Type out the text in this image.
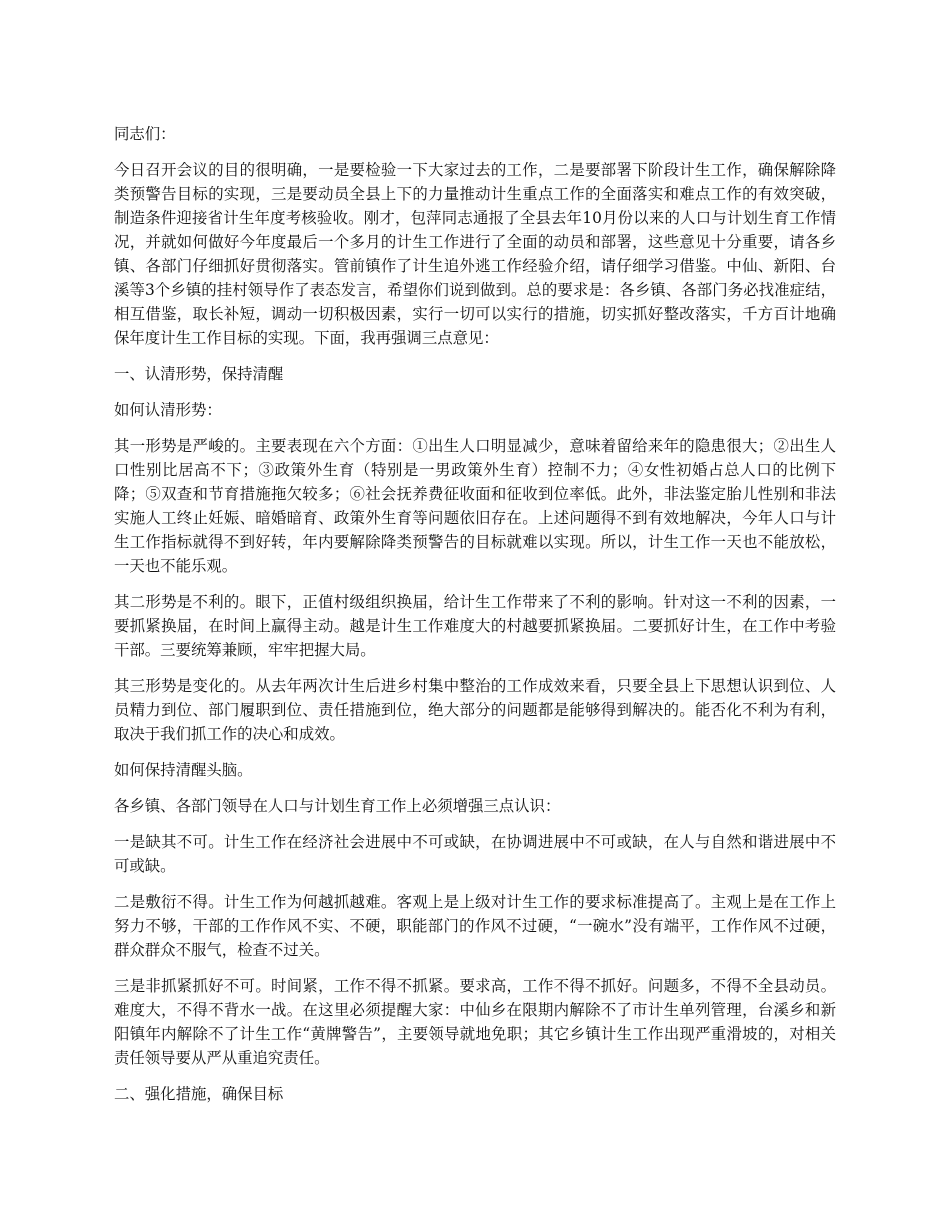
同志们：

今日召开会议的目的很明确，一是要检验一下大家过去的工作，二是要部署下阶段计生工作，确保解除降类预警告目标的实现，三是要动员全县上下的力量推动计生重点工作的全面落实和难点工作的有效突破，制造条件迎接省计生年度考核验收。刚才，包萍同志通报了全县去年10月份以来的人口与计划生育工作情况，并就如何做好今年度最后一个多月的计生工作进行了全面的动员和部署，这些意见十分重要，请各乡镇、各部门仔细抓好贯彻落实。管前镇作了计生追外逃工作经验介绍，请仔细学习借鉴。中仙、新阳、台溪等3个乡镇的挂村领导作了表态发言，希望你们说到做到。总的要求是：各乡镇、各部门务必找准症结，相互借鉴，取长补短，调动一切积极因素，实行一切可以实行的措施，切实抓好整改落实，千方百计地确保年度计生工作目标的实现。下面，我再强调三点意见：

一、认清形势，保持清醒

如何认清形势：

其一形势是严峻的。主要表现在六个方面：①出生人口明显减少，意味着留给来年的隐患很大；②出生人口性别比居高不下；③政策外生育（特别是一男政策外生育）控制不力；④女性初婚占总人口的比例下降；⑤双查和节育措施拖欠较多；⑥社会抚养费征收面和征收到位率低。此外，非法鉴定胎儿性别和非法实施人工终止妊娠、暗婚暗育、政策外生育等问题依旧存在。上述问题得不到有效地解决，今年人口与计生工作指标就得不到好转，年内要解除降类预警告的目标就难以实现。所以，计生工作一天也不能放松，一天也不能乐观。

其二形势是不利的。眼下，正值村级组织换届，给计生工作带来了不利的影响。针对这一不利的因素，一要抓紧换届，在时间上赢得主动。越是计生工作难度大的村越要抓紧换届。二要抓好计生，在工作中考验干部。三要统筹兼顾，牢牢把握大局。

其三形势是变化的。从去年两次计生后进乡村集中整治的工作成效来看，只要全县上下思想认识到位、人员精力到位、部门履职到位、责任措施到位，绝大部分的问题都是能够得到解决的。能否化不利为有利，取决于我们抓工作的决心和成效。

如何保持清醒头脑。

各乡镇、各部门领导在人口与计划生育工作上必须增强三点认识：

一是缺其不可。计生工作在经济社会进展中不可或缺，在协调进展中不可或缺，在人与自然和谐进展中不可或缺。

二是敷衍不得。计生工作为何越抓越难。客观上是上级对计生工作的要求标准提高了。主观上是在工作上努力不够，干部的工作作风不实、不硬，职能部门的作风不过硬，“一碗水”没有端平，工作作风不过硬，群众群众不服气，检查不过关。

三是非抓紧抓好不可。时间紧，工作不得不抓紧。要求高，工作不得不抓好。问题多，不得不全县动员。难度大，不得不背水一战。在这里必须提醒大家：中仙乡在限期内解除不了市计生单列管理，台溪乡和新阳镇年内解除不了计生工作“黄牌警告”，主要领导就地免职；其它乡镇计生工作出现严重滑坡的，对相关责任领导要从严从重追究责任。

二、强化措施，确保目标
